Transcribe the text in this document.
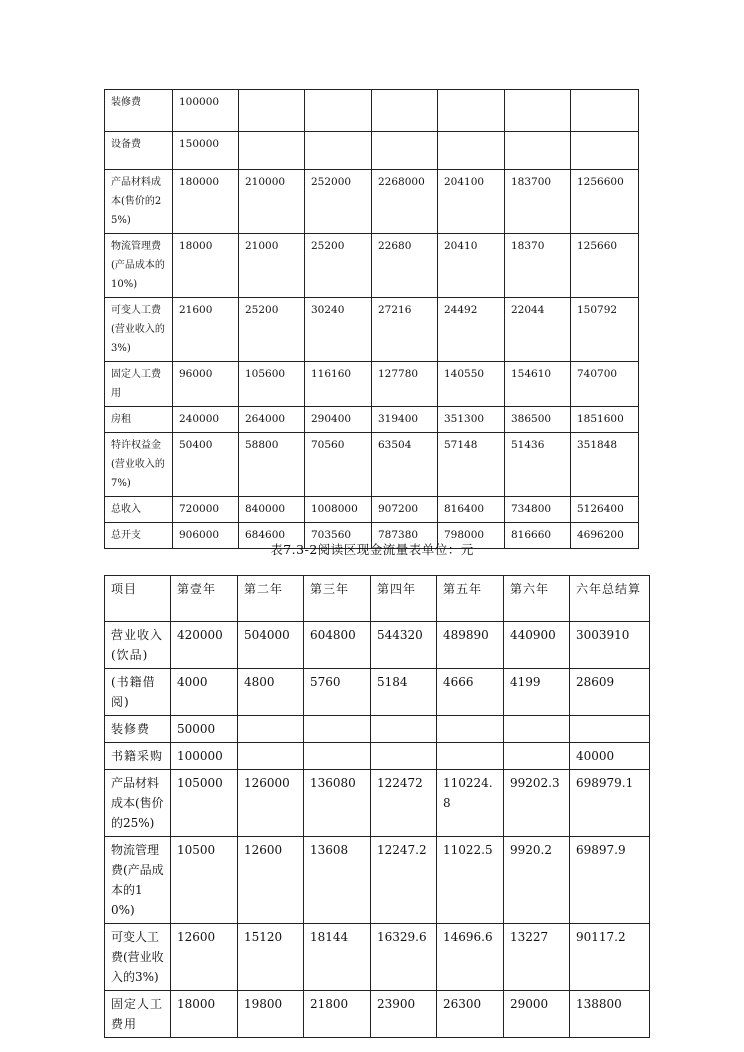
装修费	100000						
设备费	150000						
产品材料成本(售价的25%)	180000	210000	252000	2268000	204100	183700	1256600
物流管理费(产品成本的10%)	18000	21000	25200	22680	20410	18370	125660
可变人工费(营业收入的3%)	21600	25200	30240	27216	24492	22044	150792
固定人工费用	96000	105600	116160	127780	140550	154610	740700
房租	240000	264000	290400	319400	351300	386500	1851600
特许权益金(营业收入的7%)	50400	58800	70560	63504	57148	51436	351848
总收入	720000	840000	1008000	907200	816400	734800	5126400
总开支	906000	684600	703560	787380	798000	816660	4696200
表7.3-2阅读区现金流量表单位：元
项目	第壹年	第二年	第三年	第四年	第五年	第六年	六年总结算
营业收入(饮品)	420000	504000	604800	544320	489890	440900	3003910
(书籍借阅)	4000	4800	5760	5184	4666	4199	28609
装修费	50000						
书籍采购	100000						40000
产品材料成本(售价的25%)	105000	126000	136080	122472	110224.8	99202.3	698979.1
物流管理费(产品成本的10%)	10500	12600	13608	12247.2	11022.5	9920.2	69897.9
可变人工费(营业收入的3%)	12600	15120	18144	16329.6	14696.6	13227	90117.2
固定人工费用	18000	19800	21800	23900	26300	29000	138800
